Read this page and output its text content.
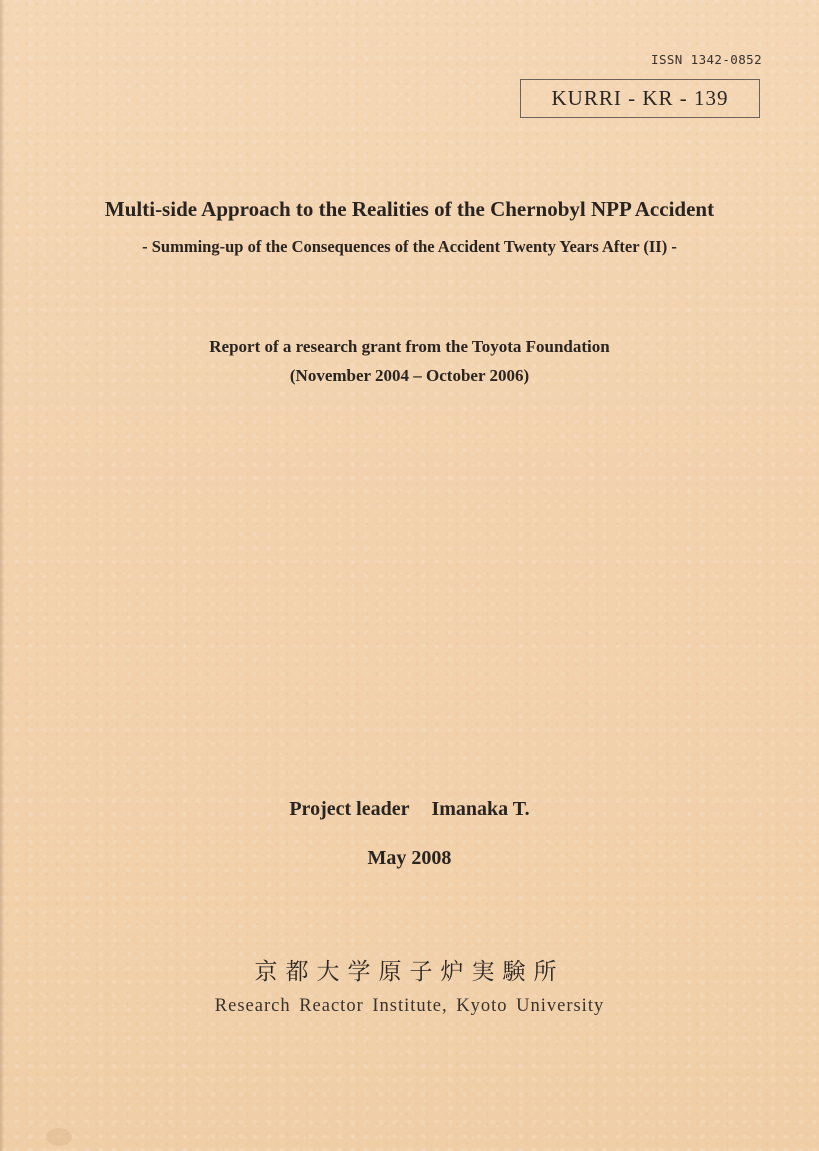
ISSN 1342-0852
KURRI - KR - 139
Multi-side Approach to the Realities of the Chernobyl NPP Accident
- Summing-up of the Consequences of the Accident Twenty Years After (II) -
Report of a research grant from the Toyota Foundation
(November 2004 – October 2006)
Project leader Imanaka T.
May 2008
京都大学原子炉実験所
Research Reactor Institute, Kyoto University
